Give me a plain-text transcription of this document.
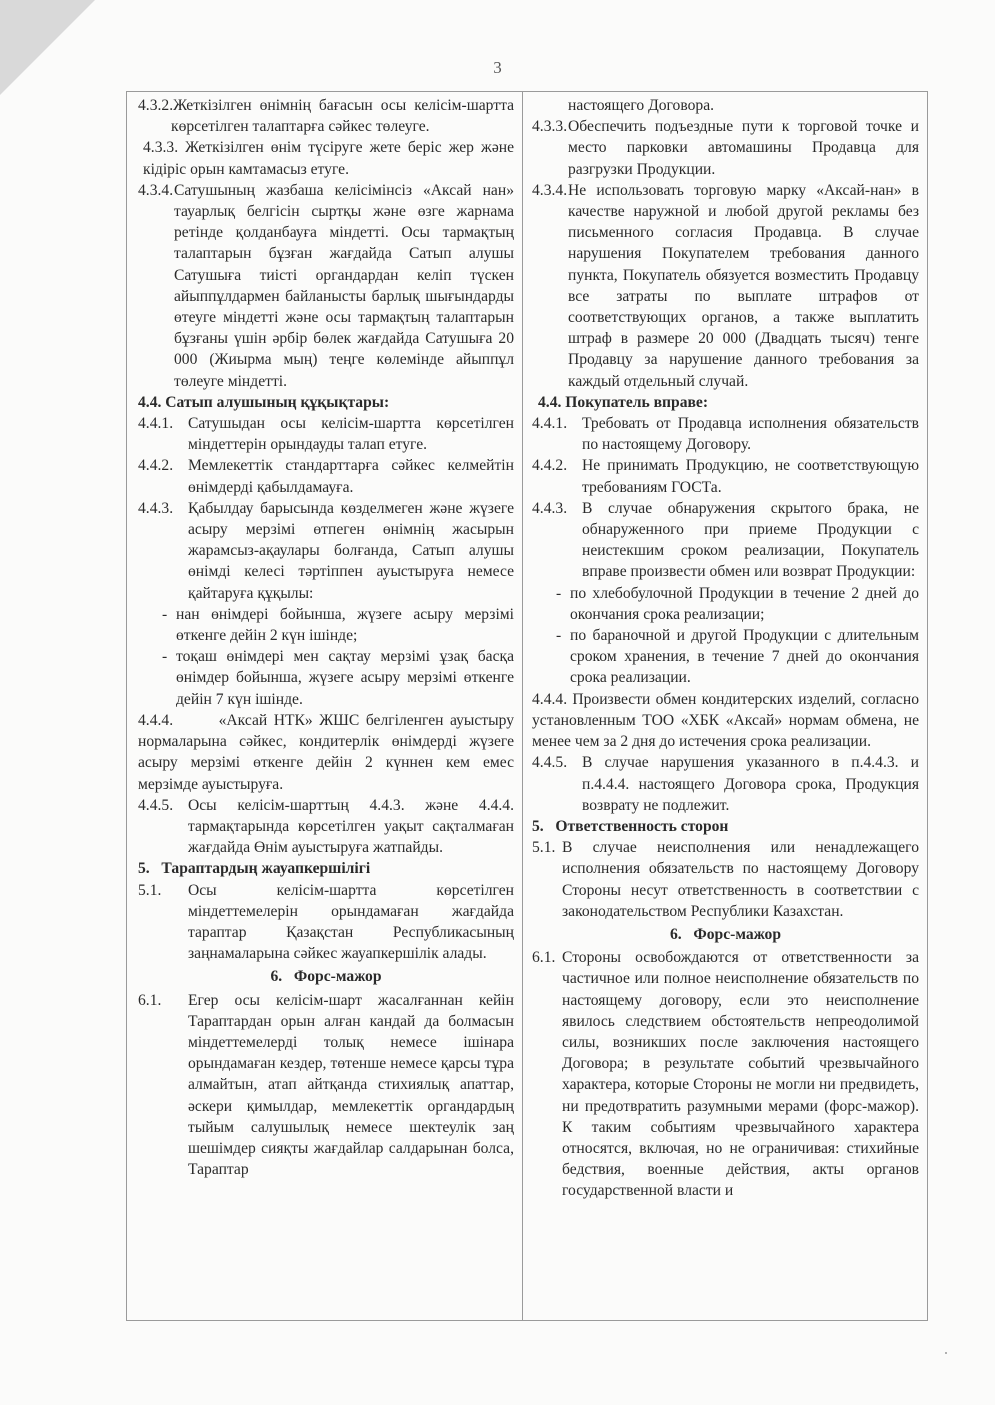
3
4.3.2.Жеткізілген өнімнің бағасын осы келісім-шартта көрсетілген талаптарға сәйкес төлеуге.
4.3.3. Жеткізілген өнім түсіруге жете беріс жер және кідіріс орын камтамасыз етуге.
4.3.4. Сатушының жазбаша келісімінсіз «Аксай нан» тауарлық белгісін сыртқы және өзге жарнама ретінде қолданбауға міндетті. Осы тармақтың талаптарын бұзған жағдайда Сатып алушы Сатушыға тиісті органдардан келіп түскен айыппұлдармен байланысты барлық шығындарды өтеуге міндетті және осы тармақтың талаптарын бұзғаны үшін әрбір бөлек жағдайда Сатушыға 20 000 (Жиырма мың) теңге көлемінде айыппұл төлеуге міндетті.

4.4. Сатып алушының құқықтары:

4.4.1. Сатушыдан осы келісім-шартта көрсетілген міндеттерін орындауды талап етуге.
4.4.2. Мемлекеттік стандарттарға сәйкес келмейтін өнімдерді қабылдамауға.
4.4.3. Қабылдау барысында көзделмеген және жүзеге асыру мерзімі өтпеген өнімнің жасырын жарамсыз-ақаулары болғанда, Сатып алушы өнімді келесі тәртіппен ауыстыруға немесе қайтаруға құқылы:

- нан өнімдері бойынша, жүзеге асыру мерзімі өткенге дейін 2 күн ішінде;

- тоқаш өнімдері мен сақтау мерзімі ұзақ басқа өнімдер бойынша, жүзеге асыру мерзімі өткенге дейін 7 күн ішінде.

4.4.4.       «Аксай НТК» ЖШС белгіленген ауыстыру нормаларына сәйкес, кондитерлік өнімдерді жүзеге асыру мерзімі өткенге дейін 2 күннен кем емес мерзімде ауыстыруға.

4.4.5. Осы келісім-шарттың 4.4.3. және 4.4.4. тармақтарында көрсетілген уақыт сақталмаған жағдайда Өнім ауыстыруға жатпайды.

5.   Тараптардың жауапкершілігі

5.1. Осы келісім-шартта көрсетілген міндеттемелерін орындамаған жағдайда тараптар Қазақстан Республикасының заңнамаларына сәйкес жауапкершілік алады.

6.   Форс-мажор

6.1. Егер осы келісім-шарт жасалғаннан кейін Тараптардан орын алған кандай да болмасын міндеттемелерді толық немесе ішінара орындамаған кездер, төтенше немесе қарсы тұра алмайтын, атап айтқанда стихиялық апаттар, әскери қимылдар, мемлекеттік органдардың тыйым салушылық немесе шектеулік заң шешімдер сияқты жағдайлар салдарынан болса, Тараптар

настоящего Договора.

4.3.3. Обеспечить подъездные пути к торговой точке и место парковки автомашины Продавца для разгрузки Продукции.
4.3.4. Не использовать торговую марку «Аксай-нан» в качестве наружной и любой другой рекламы без письменного согласия Продавца. В случае нарушения Покупателем требования данного пункта, Покупатель обязуется возместить Продавцу все затраты по выплате штрафов от соответствующих органов, а также выплатить штраф в размере 20 000 (Двадцать тысяч) тенге Продавцу за нарушение данного требования за каждый отдельный случай.

4.4. Покупатель вправе:

4.4.1. Требовать от Продавца исполнения обязательств по настоящему Договору.
4.4.2. Не принимать Продукцию, не соответствующую требованиям ГОСТа.
4.4.3. В случае обнаружения скрытого брака, не обнаруженного при приеме Продукции с неистекшим сроком реализации, Покупатель вправе произвести обмен или возврат Продукции:

- по хлебобулочной Продукции в течение 2 дней до окончания срока реализации;

- по бараночной и другой Продукции с длительным сроком хранения, в течение 7 дней до окончания срока реализации.

4.4.4. Произвести обмен кондитерских изделий, согласно установленным ТОО «ХБК «Аксай» нормам обмена, не менее чем за 2 дня до истечения срока реализации.

4.4.5. В случае нарушения указанного в п.4.4.3. и п.4.4.4. настоящего Договора срока, Продукция возврату не подлежит.

5.   Ответственность сторон

5.1. В случае неисполнения или ненадлежащего исполнения обязательств по настоящему Договору Стороны несут ответственность в соответствии с законодательством Республики Казахстан.

6.   Форс-мажор

6.1. Стороны освобождаются от ответственности за частичное или полное неисполнение обязательств по настоящему договору, если это неисполнение явилось следствием обстоятельств непреодолимой силы, возникших после заключения настоящего Договора; в результате событий чрезвычайного характера, которые Стороны не могли ни предвидеть, ни предотвратить разумными мерами (форс-мажор). К таким событиям чрезвычайного характера относятся, включая, но не ограничивая: стихийные бедствия, военные действия, акты органов государственной власти и
